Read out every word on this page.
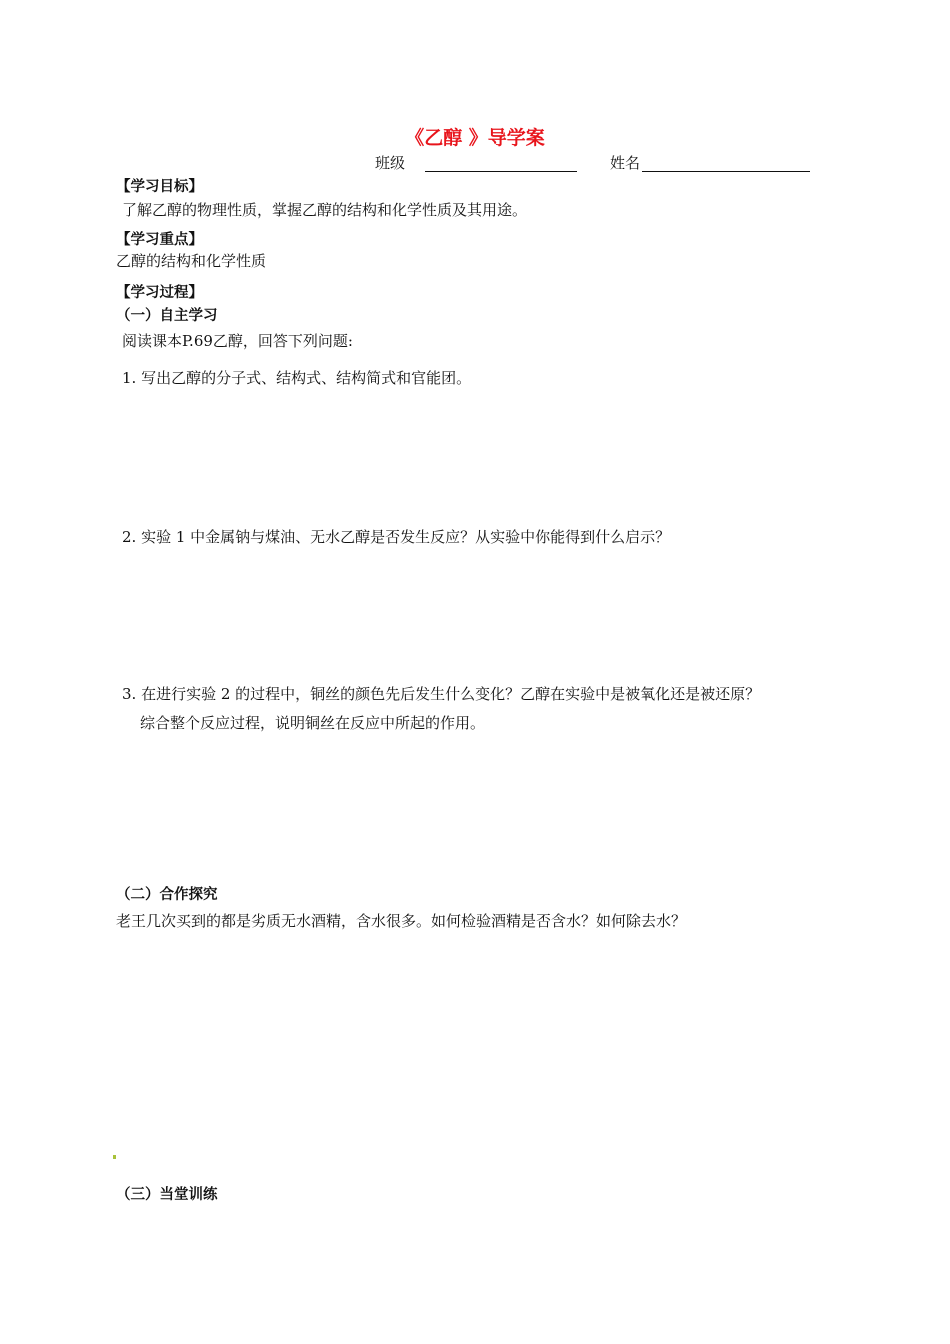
《乙醇 》导学案
班级	姓名
【学习目标】
了解乙醇的物理性质，掌握乙醇的结构和化学性质及其用途。
【学习重点】
乙醇的结构和化学性质
【学习过程】
（一）自主学习
阅读课本P.69乙醇，回答下列问题:
1. 写出乙醇的分子式、结构式、结构简式和官能团。
2. 实验 1 中金属钠与煤油、无水乙醇是否发生反应？从实验中你能得到什么启示？
3. 在进行实验 2 的过程中，铜丝的颜色先后发生什么变化？乙醇在实验中是被氧化还是被还原？
综合整个反应过程，说明铜丝在反应中所起的作用。
（二）合作探究
老王几次买到的都是劣质无水酒精，含水很多。如何检验酒精是否含水？如何除去水？
（三）当堂训练
